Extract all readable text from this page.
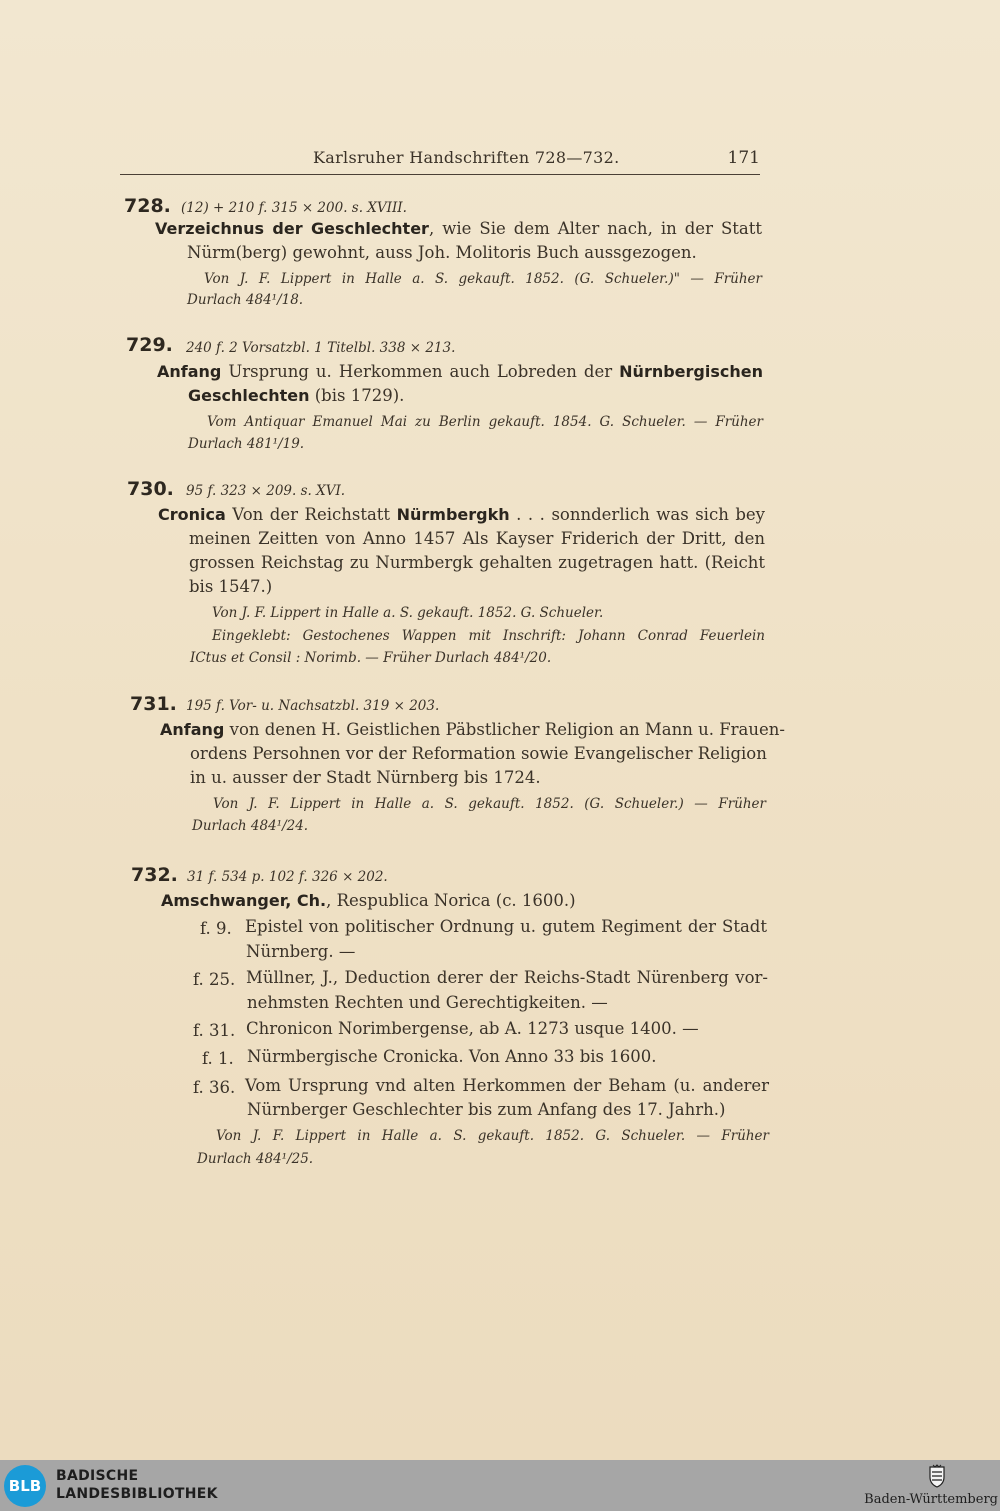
Karlsruher Handschriften 728—732.	171
728. (12) + 210 f. 315 ⨯ 200. s. XVIII.
Verzeichnus der Geschlechter, wie Sie dem Alter nach, in der Statt
Nürm(berg) gewohnt, auss Joh. Molitoris Buch aussgezogen.
Von J. F. Lippert in Halle a. S. gekauft. 1852. (G. Schueler.)" — Früher
Durlach 484¹/18.
729. 240 f. 2 Vorsatzbl. 1 Titelbl. 338 ⨯ 213.
Anfang Ursprung u. Herkommen auch Lobreden der Nürnbergischen
Geschlechten (bis 1729).
Vom Antiquar Emanuel Mai zu Berlin gekauft. 1854. G. Schueler. — Früher
Durlach 481¹/19.
730. 95 f. 323 ⨯ 209. s. XVI.
Cronica Von der Reichstatt Nürmbergkh . . . sonnderlich was sich bey
meinen Zeitten von Anno 1457 Als Kayser Friderich der Dritt, den
grossen Reichstag zu Nurmbergk gehalten zugetragen hatt. (Reicht
bis 1547.)
Von J. F. Lippert in Halle a. S. gekauft. 1852. G. Schueler.
Eingeklebt: Gestochenes Wappen mit Inschrift: Johann Conrad Feuerlein
ICtus et Consil : Norimb. — Früher Durlach 484¹/20.
731. 195 f. Vor- u. Nachsatzbl. 319 ⨯ 203.
Anfang von denen H. Geistlichen Päbstlicher Religion an Mann u. Frauen-
ordens Persohnen vor der Reformation sowie Evangelischer Religion
in u. ausser der Stadt Nürnberg bis 1724.
Von J. F. Lippert in Halle a. S. gekauft. 1852. (G. Schueler.) — Früher
Durlach 484¹/24.
732. 31 f. 534 p. 102 f. 326 ⨯ 202.
Amschwanger, Ch., Respublica Norica (c. 1600.)
f. 9. Epistel von politischer Ordnung u. gutem Regiment der Stadt
Nürnberg. —
f. 25. Müllner, J., Deduction derer der Reichs-Stadt Nürenberg vor-
nehmsten Rechten und Gerechtigkeiten. —
f. 31. Chronicon Norimbergense, ab A. 1273 usque 1400. —
f. 1. Nürmbergische Cronicka. Von Anno 33 bis 1600.
f. 36. Vom Ursprung vnd alten Herkommen der Beham (u. anderer
Nürnberger Geschlechter bis zum Anfang des 17. Jahrh.)
Von J. F. Lippert in Halle a. S. gekauft. 1852. G. Schueler. — Früher
Durlach 484¹/25.
BLB
BADISCHE
LANDESBIBLIOTHEK	Baden-Württemberg
